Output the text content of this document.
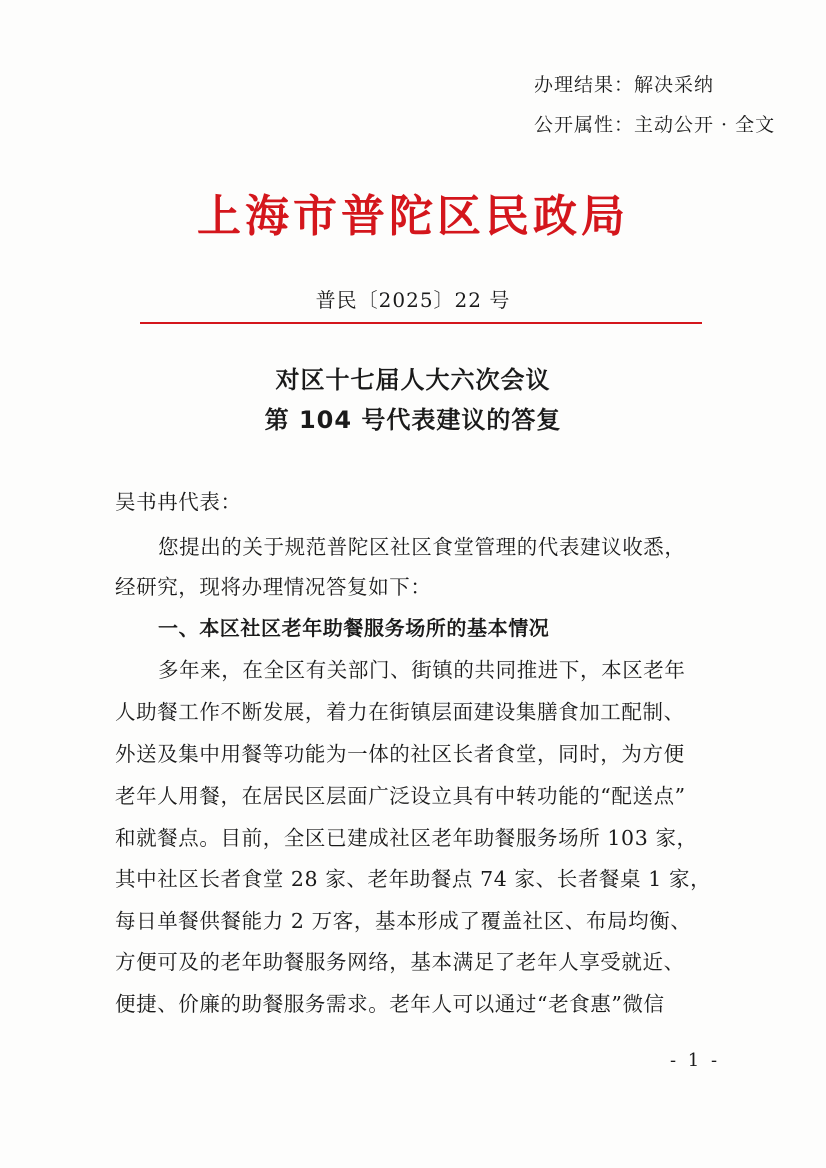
办理结果：解决采纳
公开属性：主动公开 · 全文
上海市普陀区民政局
普民〔2025〕22 号
对区十七届人大六次会议
第 104 号代表建议的答复
吴书冉代表：
您提出的关于规范普陀区社区食堂管理的代表建议收悉，
经研究，现将办理情况答复如下：
一、本区社区老年助餐服务场所的基本情况
多年来，在全区有关部门、街镇的共同推进下，本区老年
人助餐工作不断发展，着力在街镇层面建设集膳食加工配制、
外送及集中用餐等功能为一体的社区长者食堂，同时，为方便
老年人用餐，在居民区层面广泛设立具有中转功能的“配送点”
和就餐点。目前，全区已建成社区老年助餐服务场所 103 家，
其中社区长者食堂 28 家、老年助餐点 74 家、长者餐桌 1 家，
每日单餐供餐能力 2 万客，基本形成了覆盖社区、布局均衡、
方便可及的老年助餐服务网络，基本满足了老年人享受就近、
便捷、价廉的助餐服务需求。老年人可以通过“老食惠”微信
- 1 -
